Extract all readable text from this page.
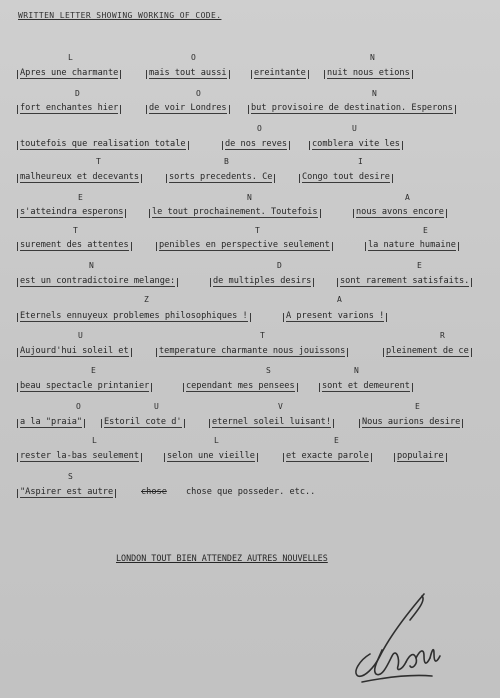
WRITTEN LETTER SHOWING WORKING OF CODE.
L	O	N
Apres une charmante	mais tout aussi	ereintante nuit nous etions
D	O	N
fort enchantes hier	de voir Londres	but provisoire de destination. Esperons
O	U
toutefois que realisation totale	de nos reves	comblera vite les
T	B	I
malheureux et decevants	sorts precedents. Ce	Congo tout desire
E	N	A
s'atteindra esperons	le tout prochainement. Toutefois	nous avons encore
T	T	E
surement des attentes	penibles en perspective seulement	la nature humaine
N	D	E
est un contradictoire melange:	de multiples desirs	sont rarement satisfaits.
Z	A
Eternels ennuyeux problemes philosophiques !	A present varions !
U	T	R
Aujourd'hui soleil et	temperature charmante nous jouissons	pleinement de ce
E	S	N
beau spectacle printanier	cependant mes pensees	sont et demeurent
O	U	V	E
a la "praia"	Estoril cote d'	eternel soleil luisant!	Nous aurions desire
L	L	E
rester la-bas seulement	selon une vieille	et exacte parole	populaire
S
"Aspirer est autre	chose chose que posseder. etc..
LONDON TOUT BIEN ATTENDEZ AUTRES NOUVELLES
